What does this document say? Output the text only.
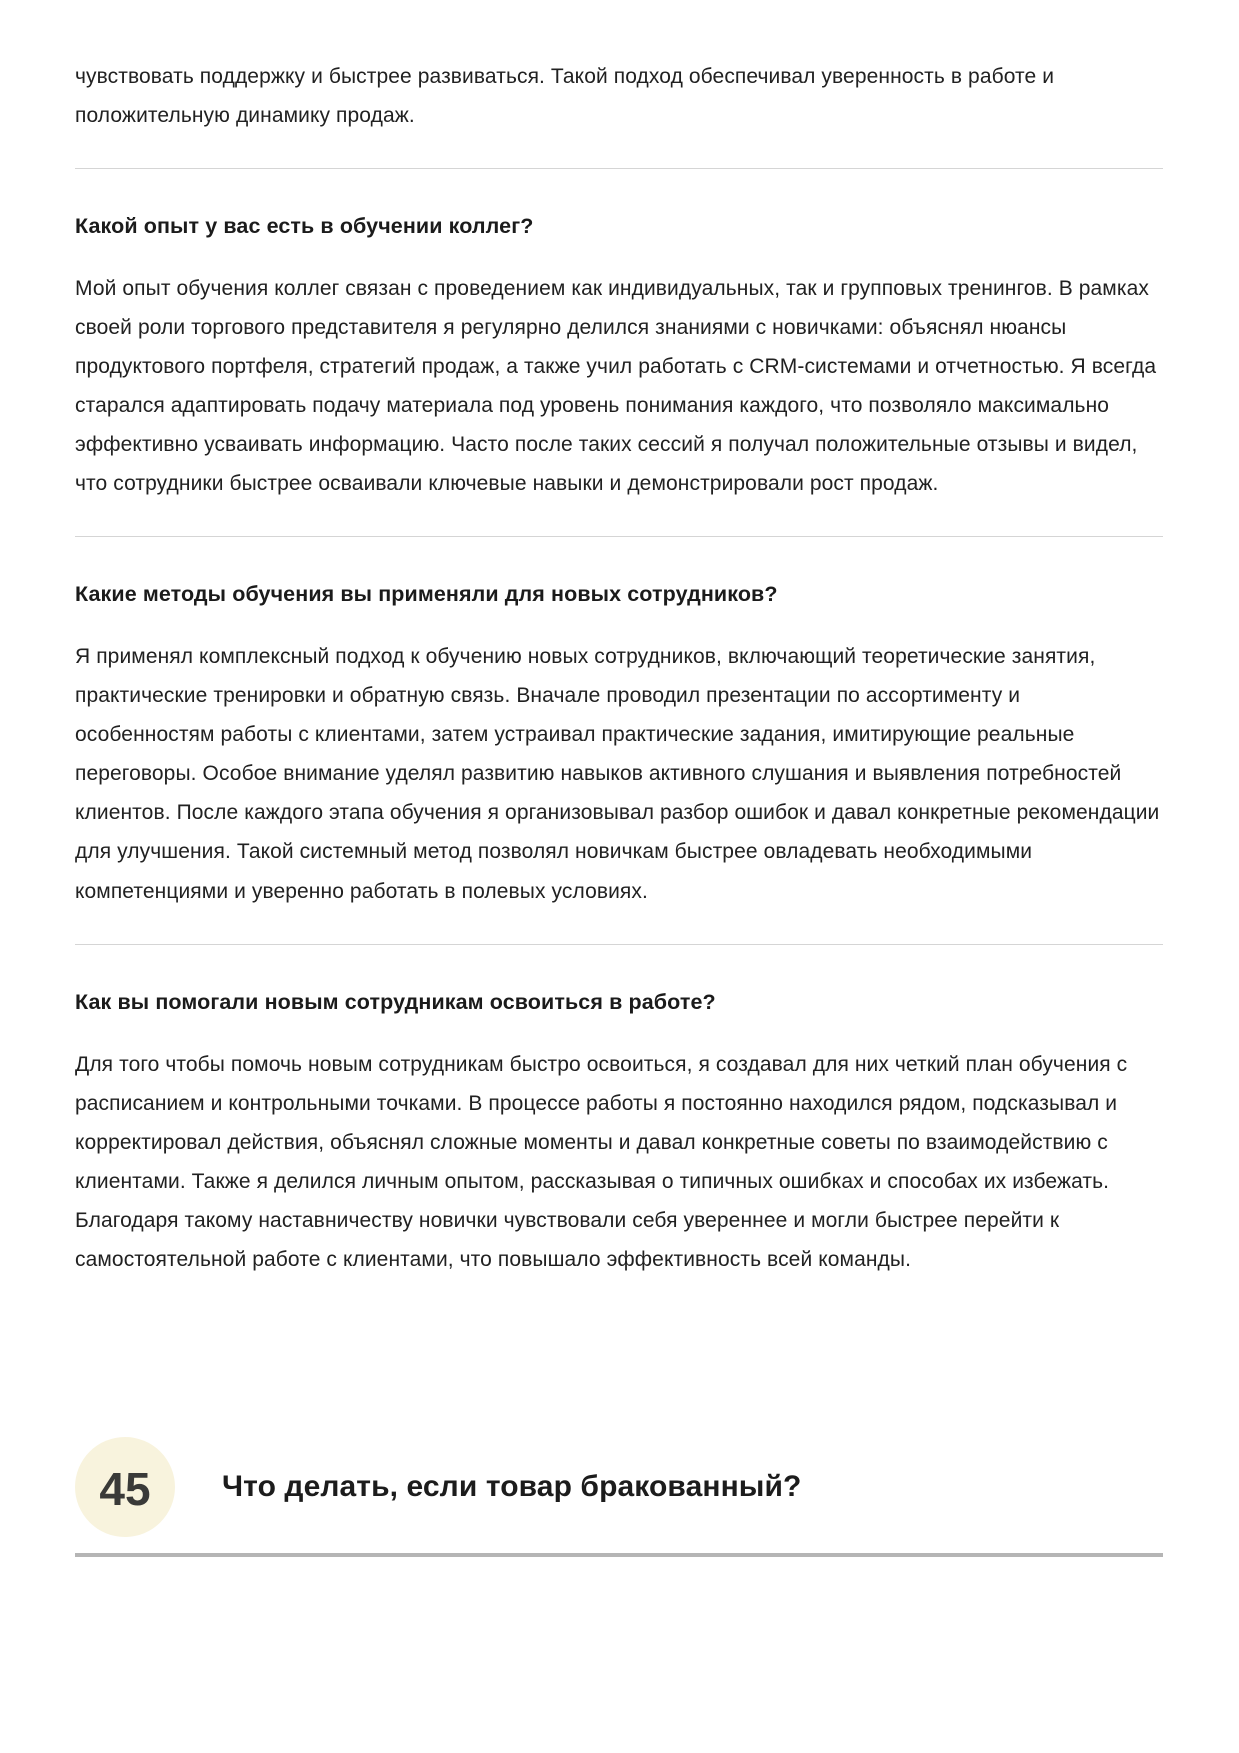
чувствовать поддержку и быстрее развиваться. Такой подход обеспечивал уверенность в работе и положительную динамику продаж.

Какой опыт у вас есть в обучении коллег?

Мой опыт обучения коллег связан с проведением как индивидуальных, так и групповых тренингов. В рамках своей роли торгового представителя я регулярно делился знаниями с новичками: объяснял нюансы продуктового портфеля, стратегий продаж, а также учил работать с CRM-системами и отчетностью. Я всегда старался адаптировать подачу материала под уровень понимания каждого, что позволяло максимально эффективно усваивать информацию. Часто после таких сессий я получал положительные отзывы и видел, что сотрудники быстрее осваивали ключевые навыки и демонстрировали рост продаж.

Какие методы обучения вы применяли для новых сотрудников?

Я применял комплексный подход к обучению новых сотрудников, включающий теоретические занятия, практические тренировки и обратную связь. Вначале проводил презентации по ассортименту и особенностям работы с клиентами, затем устраивал практические задания, имитирующие реальные переговоры. Особое внимание уделял развитию навыков активного слушания и выявления потребностей клиентов. После каждого этапа обучения я организовывал разбор ошибок и давал конкретные рекомендации для улучшения. Такой системный метод позволял новичкам быстрее овладевать необходимыми компетенциями и уверенно работать в полевых условиях.

Как вы помогали новым сотрудникам освоиться в работе?

Для того чтобы помочь новым сотрудникам быстро освоиться, я создавал для них четкий план обучения с расписанием и контрольными точками. В процессе работы я постоянно находился рядом, подсказывал и корректировал действия, объяснял сложные моменты и давал конкретные советы по взаимодействию с клиентами. Также я делился личным опытом, рассказывая о типичных ошибках и способах их избежать. Благодаря такому наставничеству новички чувствовали себя увереннее и могли быстрее перейти к самостоятельной работе с клиентами, что повышало эффективность всей команды.

45 Что делать, если товар бракованный?
